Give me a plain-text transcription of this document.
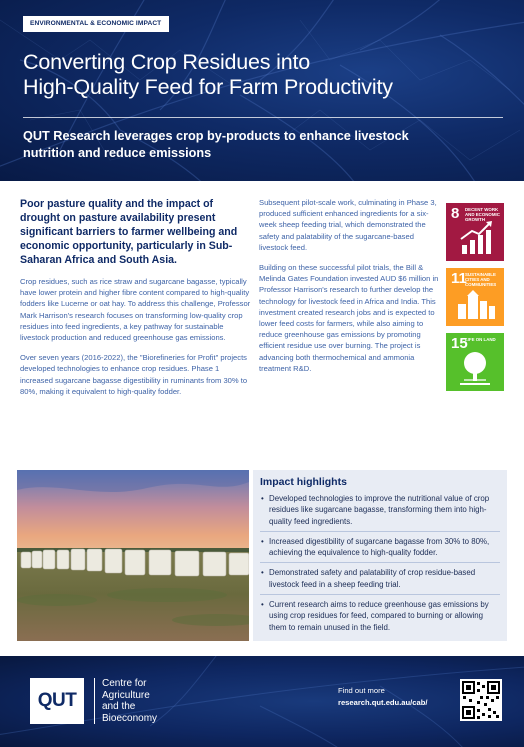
ENVIRONMENTAL & ECONOMIC IMPACT
Converting Crop Residues into
High-Quality Feed for Farm Productivity
QUT Research leverages crop by-products to enhance livestock
nutrition and reduce emissions

Poor pasture quality and the impact of drought on pasture availability present significant barriers to farmer wellbeing and economic opportunity, particularly in Sub-Saharan Africa and South Asia.

Crop residues, such as rice straw and sugarcane bagasse, typically have lower protein and higher fibre content compared to high-quality fodders like Lucerne or oat hay. To address this challenge, Professor Mark Harrison's research focuses on transforming low-quality crop residues into feed ingredients, a key pathway for sustainable livestock production and reduced greenhouse gas emissions.

Over seven years (2016-2022), the "Biorefineries for Profit" projects developed technologies to enhance crop residues. Phase 1 increased sugarcane bagasse digestibility in ruminants from 30% to 80%, making it equivalent to high-quality fodder.

Subsequent pilot-scale work, culminating in Phase 3, produced sufficient enhanced ingredients for a six-week sheep feeding trial, which demonstrated the safety and palatability of the sugarcane-based livestock feed.

Building on these successful pilot trials, the Bill & Melinda Gates Foundation invested AUD $6 million in Professor Harrison's research to further develop the technology for livestock feed in Africa and India. This investment created research jobs and is expected to lower feed costs for farmers, while also aiming to reduce greenhouse gas emissions by promoting efficient residue use over burning. The project is advancing both thermochemical and ammonia treatment R&D.

8 DECENT WORK AND ECONOMIC GROWTH
11
SUSTAINABLE CITIES AND COMMUNITIES
15
LIFE ON LAND
Impact highlights
• Developed technologies to improve the nutritional value of crop residues like sugarcane bagasse, transforming them into high-quality feed ingredients.
• Increased digestibility of sugarcane bagasse from 30% to 80%, achieving the equivalence to high-quality fodder.
• Demonstrated safety and palatability of crop residue-based livestock feed in a sheep feeding trial.
• Current research aims to reduce greenhouse gas emissions by using crop residues for feed, compared to burning or allowing them to remain unused in the field.
QUT
Centre for
Agriculture
and the
Bioeconomy
Find out more
research.qut.edu.au/cab/
